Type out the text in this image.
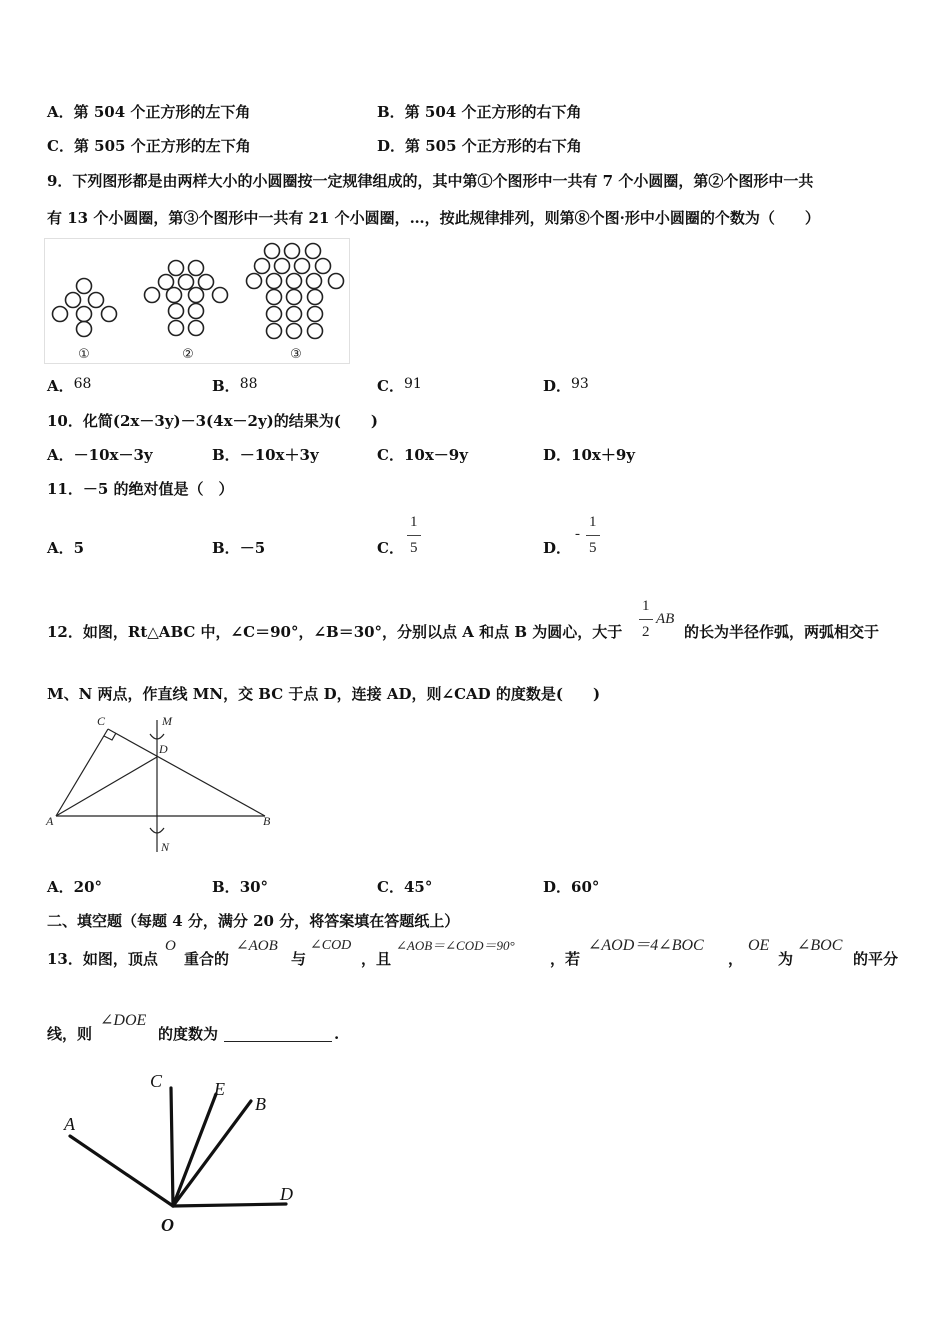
A．第 504 个正方形的左下角	B．第 504 个正方形的右下角
C．第 505 个正方形的左下角	D．第 505 个正方形的右下角
9．下列图形都是由两样大小的小圆圈按一定规律组成的，其中第①个图形中一共有 7 个小圆圈，第②个图形中一共
有 13 个小圆圈，第③个图形中一共有 21 个小圆圈，…，按此规律排列，则第⑧个图·形中小圆圈的个数为（　　）
①	②	③
A．68	B．88	C．91	D．93
10．化简(2x－3y)－3(4x－2y)的结果为(　　)
A．－10x－3y	B．－10x＋3y	C．10x－9y	D．10x＋9y
11．－5 的绝对值是（　）
A．5	B．－5	C．
1
5	D．
-
1
5
12．如图，Rt△ABC 中，∠C＝90°，∠B＝30°，分别以点 A 和点 B 为圆心，大于
1
2
AB
的长为半径作弧，两弧相交于
M、N 两点，作直线 MN，交 BC 于点 D，连接 AD，则∠CAD 的度数是(　　)
C	M
D
A	B
N
A．20°	B．30°	C．45°	D．60°
二、填空题（每题 4 分，满分 20 分，将答案填在答题纸上）
13．如图，顶点
O
重合的
∠AOB
与
∠COD
，且
∠AOB＝∠COD＝90°
，若
∠AOD＝4∠BOC
，
OE
为
∠BOC
的平分
线，则
∠DOE
的度数为	.
C	E
B
A
D
O
